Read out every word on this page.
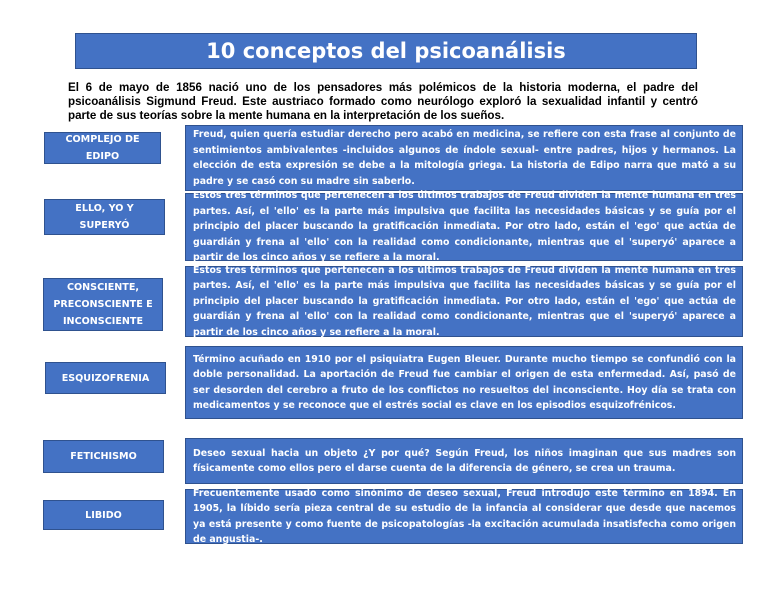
10 conceptos del psicoanálisis

El 6 de mayo de 1856 nació uno de los pensadores más polémicos de la historia moderna, el padre del psicoanálisis Sigmund Freud. Este austriaco formado como neurólogo exploró la sexualidad infantil y centró parte de sus teorías sobre la mente humana en la interpretación de los sueños.

COMPLEJO DE EDIPO
Freud, quien quería estudiar derecho pero acabó en medicina, se refiere con esta frase al conjunto de sentimientos ambivalentes -incluidos algunos de índole sexual- entre padres, hijos y hermanos. La elección de esta expresión se debe a la mitología griega. La historia de Edipo narra que mató a su padre y se casó con su madre sin saberlo.
ELLO, YO Y SUPERYÓ
Estos tres términos que pertenecen a los últimos trabajos de Freud dividen la mente humana en tres partes. Así, el 'ello' es la parte más impulsiva que facilita las necesidades básicas y se guía por el principio del placer buscando la gratificación inmediata. Por otro lado, están el 'ego' que actúa de guardián y frena al 'ello' con la realidad como condicionante, mientras que el 'superyó' aparece a partir de los cinco años y se refiere a la moral.
CONSCIENTE, PRECONSCIENTE E INCONSCIENTE
Estos tres términos que pertenecen a los últimos trabajos de Freud dividen la mente humana en tres partes. Así, el 'ello' es la parte más impulsiva que facilita las necesidades básicas y se guía por el principio del placer buscando la gratificación inmediata. Por otro lado, están el 'ego' que actúa de guardián y frena al 'ello' con la realidad como condicionante, mientras que el 'superyó' aparece a partir de los cinco años y se refiere a la moral.
ESQUIZOFRENIA
Término acuñado en 1910 por el psiquiatra Eugen Bleuer. Durante mucho tiempo se confundió con la doble personalidad. La aportación de Freud fue cambiar el origen de esta enfermedad. Así, pasó de ser desorden del cerebro a fruto de los conflictos no resueltos del inconsciente. Hoy día se trata con medicamentos y se reconoce que el estrés social es clave en los episodios esquizofrénicos.
FETICHISMO	Deseo sexual hacia un objeto ¿Y por qué? Según Freud, los niños imaginan que sus madres son físicamente como ellos pero el darse cuenta de la diferencia de género, se crea un trauma.
LIBIDO
Frecuentemente usado como sinónimo de deseo sexual, Freud introdujo este término en 1894. En 1905, la líbido sería pieza central de su estudio de la infancia al considerar que desde que nacemos ya está presente y como fuente de psicopatologías -la excitación acumulada insatisfecha como origen de angustia-.
